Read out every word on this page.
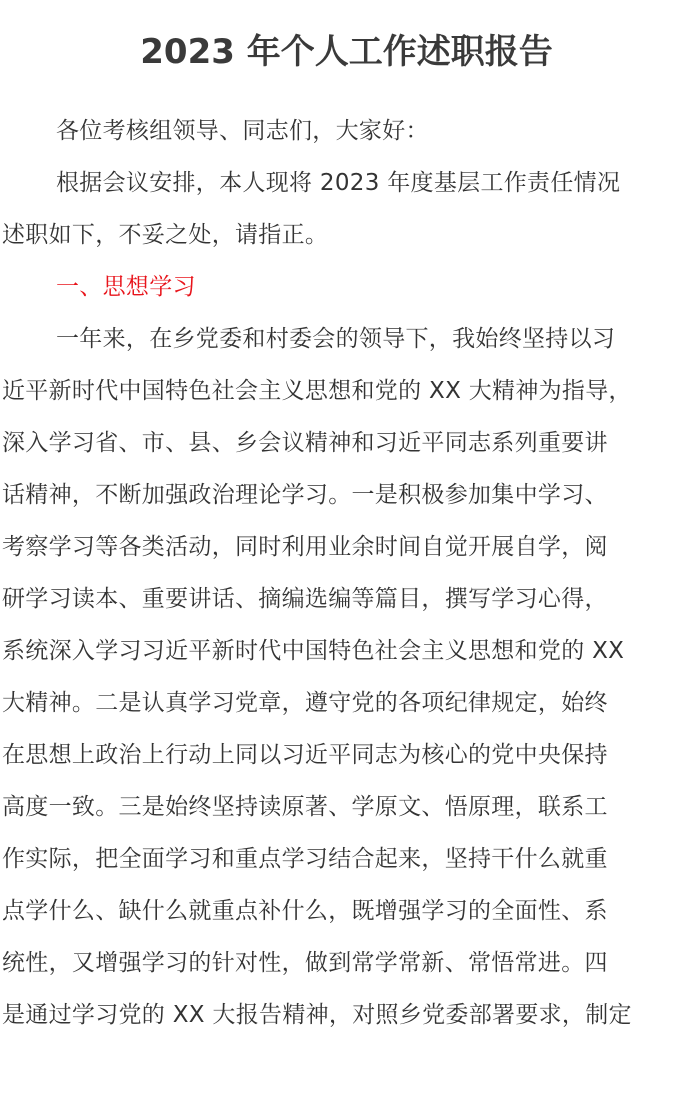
2023 年个人工作述职报告
各位考核组领导、同志们，大家好：
根据会议安排，本人现将 2023 年度基层工作责任情况
述职如下，不妥之处，请指正。
一、思想学习
一年来，在乡党委和村委会的领导下，我始终坚持以习
近平新时代中国特色社会主义思想和党的 XX 大精神为指导，
深入学习省、市、县、乡会议精神和习近平同志系列重要讲
话精神，不断加强政治理论学习。一是积极参加集中学习、
考察学习等各类活动，同时利用业余时间自觉开展自学，阅
研学习读本、重要讲话、摘编选编等篇目，撰写学习心得，
系统深入学习习近平新时代中国特色社会主义思想和党的 XX
大精神。二是认真学习党章，遵守党的各项纪律规定，始终
在思想上政治上行动上同以习近平同志为核心的党中央保持
高度一致。三是始终坚持读原著、学原文、悟原理，联系工
作实际，把全面学习和重点学习结合起来，坚持干什么就重
点学什么、缺什么就重点补什么，既增强学习的全面性、系
统性，又增强学习的针对性，做到常学常新、常悟常进。四
是通过学习党的 XX 大报告精神，对照乡党委部署要求，制定
